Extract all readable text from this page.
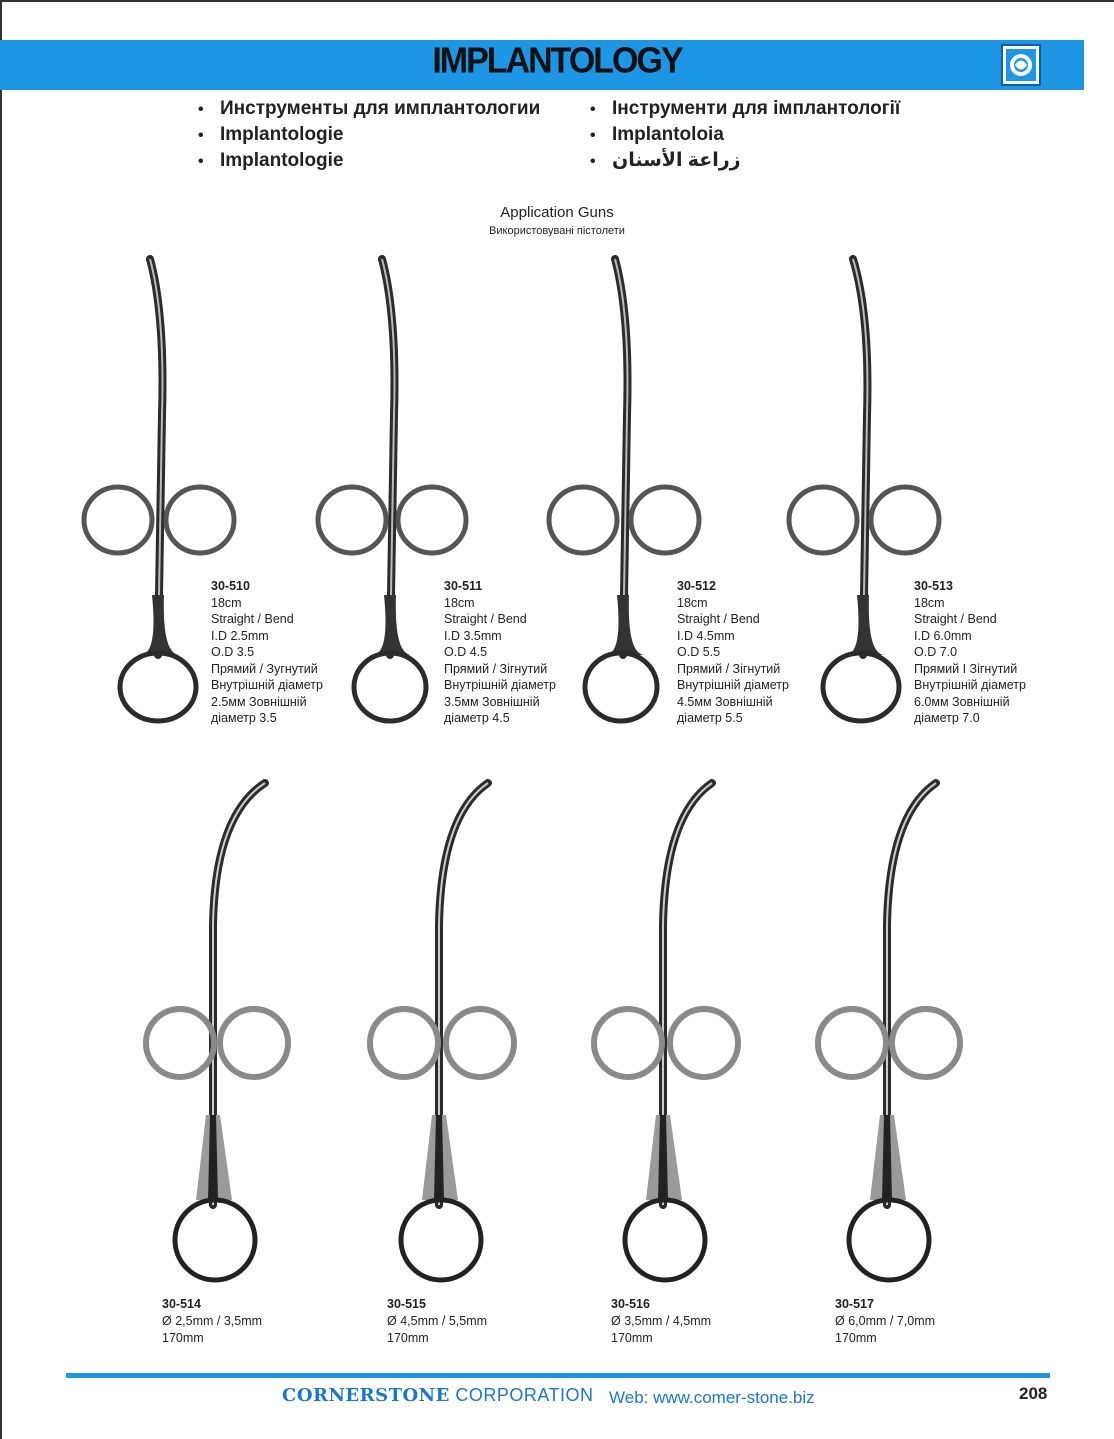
IMPLANTOLOGY
• Инструменты для имплантологии
• Implantologie
• Implantologie
• Інструменти для імплантології
• Implantoloia
• زراعة الأسنان
Application Guns
Використовувані пістолети
30-510
18cm
Straight / Bend
I.D 2.5mm
O.D 3.5
Прямий / Зугнутий
Внутрішній діаметр
2.5мм Зовнішній
діаметр 3.5
30-511
18cm
Straight / Bend
I.D 3.5mm
O.D 4.5
Прямий / Зігнутий
Внутрішній діаметр
3.5мм Зовнішній
діаметр 4.5
30-512
18cm
Straight / Bend
I.D 4.5mm
O.D 5.5
Прямий / Зігнутий
Внутрішній діаметр
4.5мм Зовнішній
діаметр 5.5
30-513
18cm
Straight / Bend
I.D 6.0mm
O.D 7.0
Прямий I Зігнутий
Внутрішній діаметр
6.0мм Зовнішній
діаметр 7.0
30-514
Ø 2,5mm / 3,5mm
170mm
30-515
Ø 4,5mm / 5,5mm
170mm
30-516
Ø 3,5mm / 4,5mm
170mm
30-517
Ø 6,0mm / 7,0mm
170mm
CORNERSTONE CORPORATION Web: www.comer-stone.biz	208
